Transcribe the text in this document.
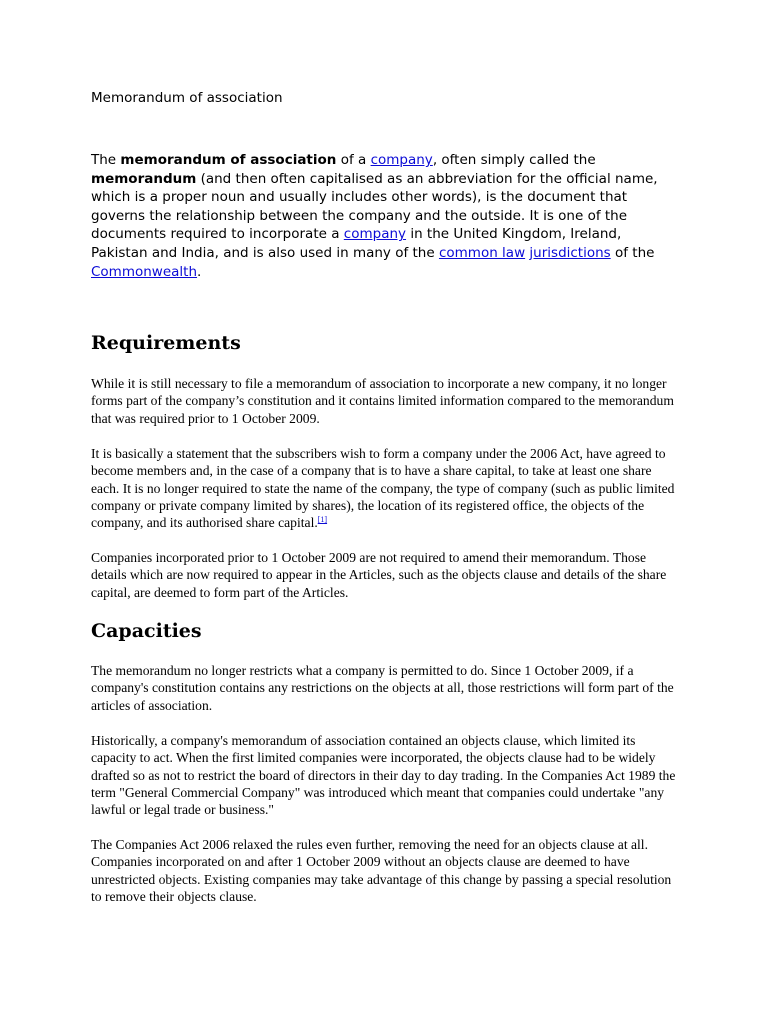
Memorandum of association

The memorandum of association of a company, often simply called the memorandum (and then often capitalised as an abbreviation for the official name, which is a proper noun and usually includes other words), is the document that governs the relationship between the company and the outside. It is one of the documents required to incorporate a company in the United Kingdom, Ireland, Pakistan and India, and is also used in many of the common law jurisdictions of the Commonwealth.

Requirements

While it is still necessary to file a memorandum of association to incorporate a new company, it no longer forms part of the company’s constitution and it contains limited information compared to the memorandum that was required prior to 1 October 2009.

It is basically a statement that the subscribers wish to form a company under the 2006 Act, have agreed to become members and, in the case of a company that is to have a share capital, to take at least one share each. It is no longer required to state the name of the company, the type of company (such as public limited company or private company limited by shares), the location of its registered office, the objects of the company, and its authorised share capital.[1]

Companies incorporated prior to 1 October 2009 are not required to amend their memorandum. Those details which are now required to appear in the Articles, such as the objects clause and details of the share capital, are deemed to form part of the Articles.

Capacities

The memorandum no longer restricts what a company is permitted to do. Since 1 October 2009, if a company's constitution contains any restrictions on the objects at all, those restrictions will form part of the articles of association.

Historically, a company's memorandum of association contained an objects clause, which limited its capacity to act. When the first limited companies were incorporated, the objects clause had to be widely drafted so as not to restrict the board of directors in their day to day trading. In the Companies Act 1989 the term "General Commercial Company" was introduced which meant that companies could undertake "any lawful or legal trade or business."

The Companies Act 2006 relaxed the rules even further, removing the need for an objects clause at all. Companies incorporated on and after 1 October 2009 without an objects clause are deemed to have unrestricted objects. Existing companies may take advantage of this change by passing a special resolution to remove their objects clause.
